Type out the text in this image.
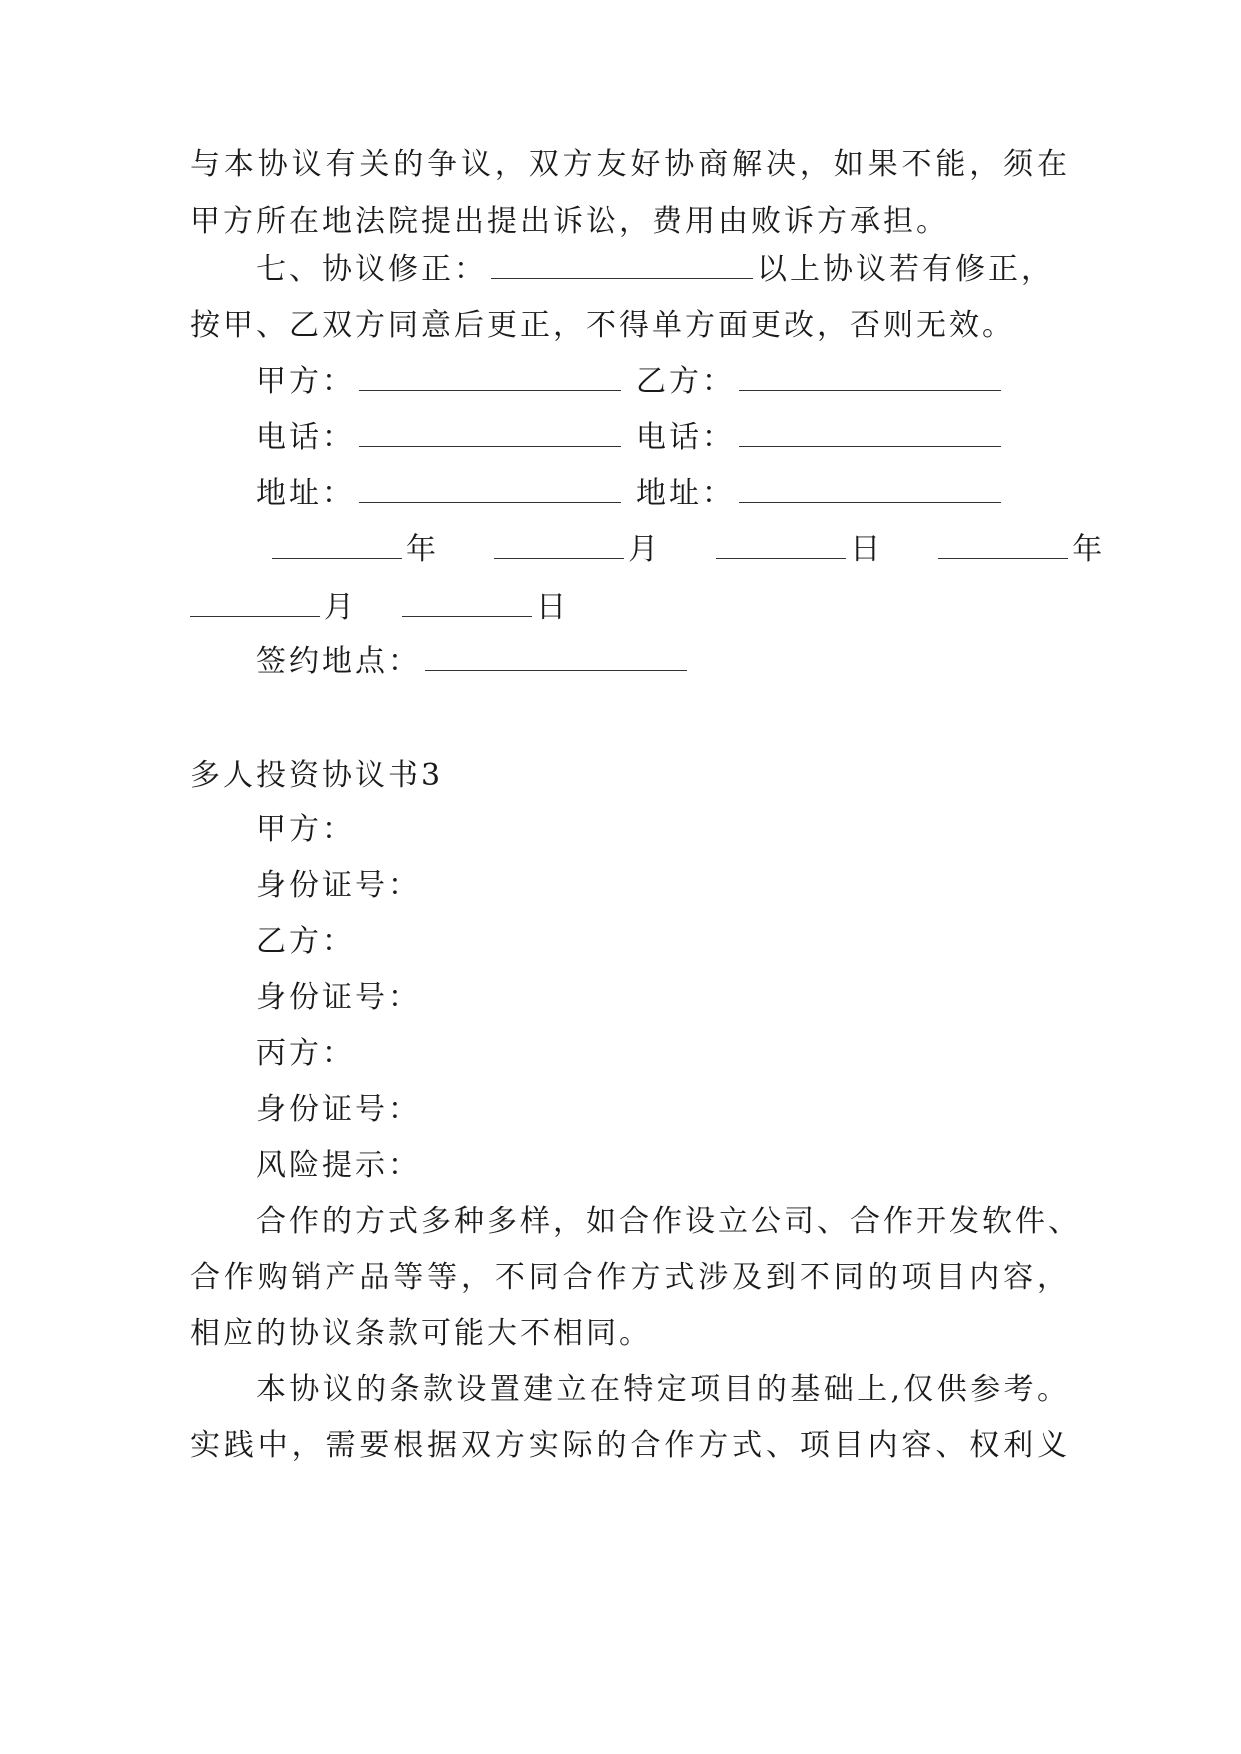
与本协议有关的争议，双方友好协商解决，如果不能，须在
甲方所在地法院提出提出诉讼，费用由败诉方承担。
七、协议修正：	以上协议若有修正，
按甲、乙双方同意后更正，不得单方面更改，否则无效。
甲方：	乙方：
电话：	电话：
地址：	地址：
年	月	日	年
月	日
签约地点：
多人投资协议书3
甲方：
身份证号：
乙方：
身份证号：
丙方：
身份证号：
风险提示：
合作的方式多种多样，如合作设立公司、合作开发软件、
合作购销产品等等，不同合作方式涉及到不同的项目内容，
相应的协议条款可能大不相同。
本协议的条款设置建立在特定项目的基础上,仅供参考。
实践中，需要根据双方实际的合作方式、项目内容、权利义
